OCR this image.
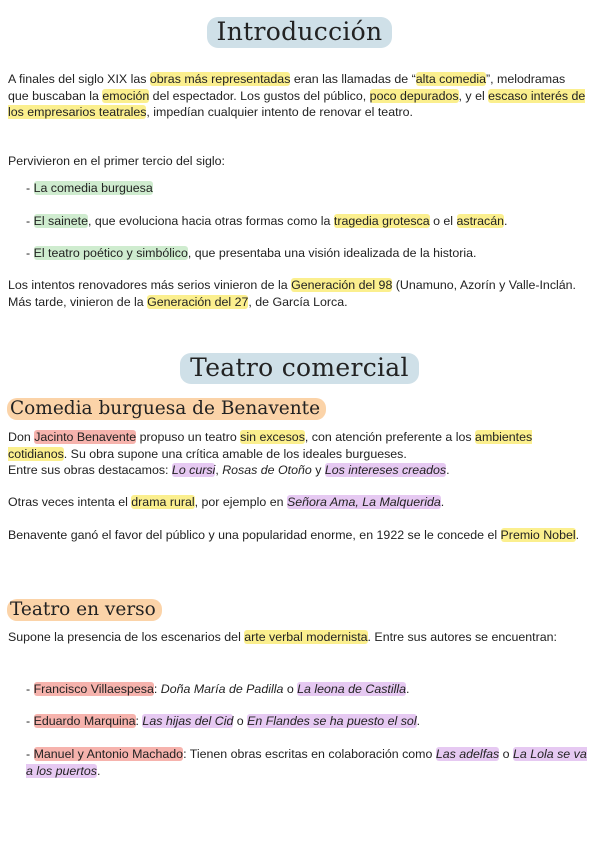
Introducción

A finales del siglo XIX las obras más representadas eran las llamadas de “alta comedia”, melodramas que buscaban la emoción del espectador. Los gustos del público, poco depurados, y el escaso interés de los empresarios teatrales, impedían cualquier intento de renovar el teatro.

Pervivieron en el primer tercio del siglo:

- La comedia burguesa

- El sainete, que evoluciona hacia otras formas como la tragedia grotesca o el astracán.

- El teatro poético y simbólico, que presentaba una visión idealizada de la historia.

Los intentos renovadores más serios vinieron de la Generación del 98 (Unamuno, Azorín y Valle-Inclán. Más tarde, vinieron de la Generación del 27, de García Lorca.

Teatro comercial
Comedia burguesa de Benavente

Don Jacinto Benavente propuso un teatro sin excesos, con atención preferente a los ambientes cotidianos. Su obra supone una crítica amable de los ideales burgueses.
Entre sus obras destacamos: Lo cursi, Rosas de Otoño y Los intereses creados.

Otras veces intenta el drama rural, por ejemplo en Señora Ama, La Malquerida.

Benavente ganó el favor del público y una popularidad enorme, en 1922 se le concede el Premio Nobel.

Teatro en verso

Supone la presencia de los escenarios del arte verbal modernista. Entre sus autores se encuentran:

- Francisco Villaespesa: Doña María de Padilla o La leona de Castilla.

- Eduardo Marquina: Las hijas del Cid o En Flandes se ha puesto el sol.

- Manuel y Antonio Machado: Tienen obras escritas en colaboración como Las adelfas o La Lola se va a los puertos.
